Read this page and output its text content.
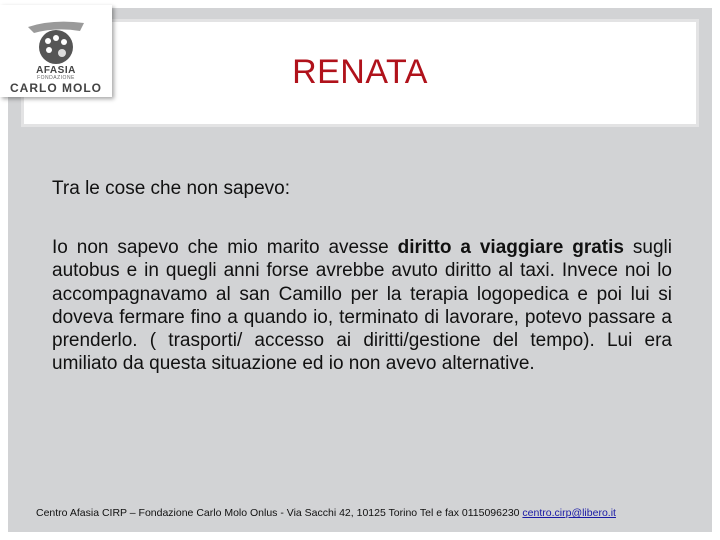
RENATA
AFASIA
FONDAZIONE
CARLO MOLO
Tra le cose che non sapevo:
Io non sapevo che mio marito avesse diritto a viaggiare gratis sugli autobus e in quegli anni forse avrebbe avuto diritto al taxi. Invece noi lo accompagnavamo al san Camillo per la terapia logopedica e poi lui si doveva fermare fino a quando io, terminato di lavorare, potevo passare a prenderlo. ( trasporti/ accesso ai diritti/gestione del tempo). Lui era umiliato da questa situazione ed io non avevo alternative.
Centro Afasia CIRP – Fondazione Carlo Molo Onlus - Via Sacchi 42, 10125 Torino Tel e fax 0115096230 centro.cirp@libero.it
